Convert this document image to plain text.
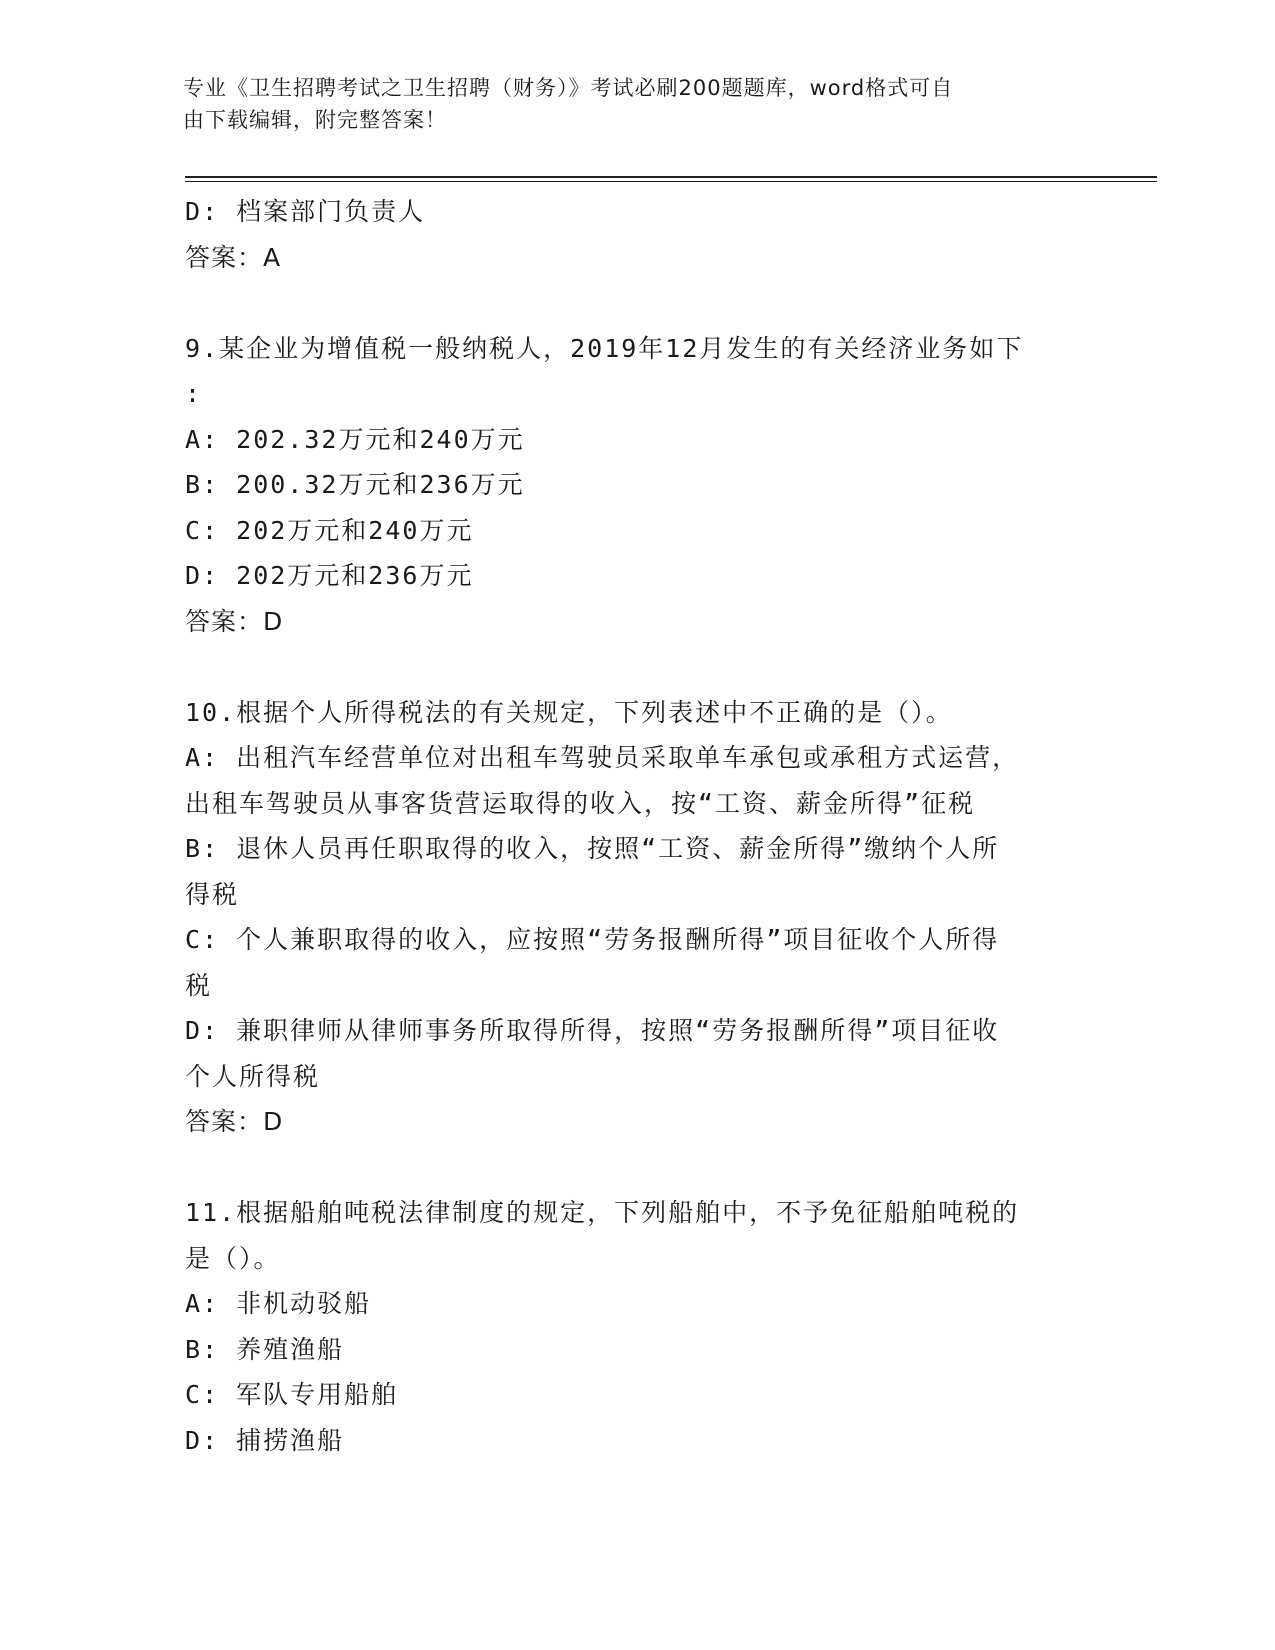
专业《卫生招聘考试之卫生招聘（财务）》考试必刷200题题库，word格式可自
由下载编辑，附完整答案！
D: 档案部门负责人
答案：A
9.某企业为增值税一般纳税人，2019年12月发生的有关经济业务如下
:
A: 202.32万元和240万元
B: 200.32万元和236万元
C: 202万元和240万元
D: 202万元和236万元
答案：D
10.根据个人所得税法的有关规定，下列表述中不正确的是（）。
A: 出租汽车经营单位对出租车驾驶员采取单车承包或承租方式运营，
出租车驾驶员从事客货营运取得的收入，按“工资、薪金所得”征税
B: 退休人员再任职取得的收入，按照“工资、薪金所得”缴纳个人所
得税
C: 个人兼职取得的收入，应按照“劳务报酬所得”项目征收个人所得
税
D: 兼职律师从律师事务所取得所得，按照“劳务报酬所得”项目征收
个人所得税
答案：D
11.根据船舶吨税法律制度的规定，下列船舶中，不予免征船舶吨税的
是（）。
A: 非机动驳船
B: 养殖渔船
C: 军队专用船舶
D: 捕捞渔船
